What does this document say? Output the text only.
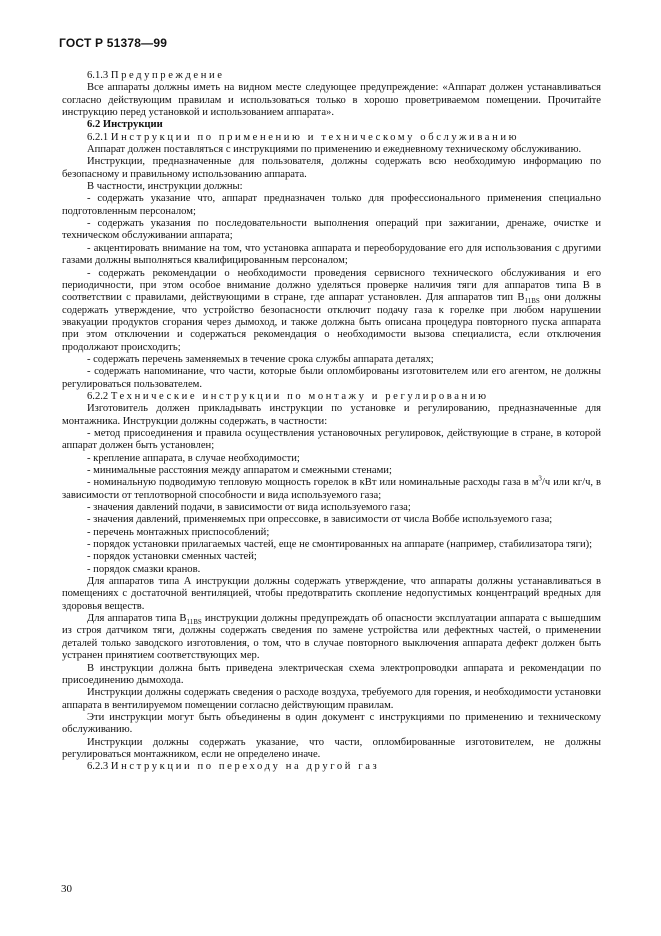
ГОСТ Р 51378—99

6.1.3 Предупреждение

Все аппараты должны иметь на видном месте следующее предупреждение: «Аппарат должен устанавливаться согласно действующим правилам и использоваться только в хорошо проветриваемом помещении. Прочитайте инструкцию перед установкой и использованием аппарата».

6.2 Инструкции

6.2.1 Инструкции по применению и техническому обслуживанию

Аппарат должен поставляться с инструкциями по применению и ежедневному техническому обслуживанию.

Инструкции, предназначенные для пользователя, должны содержать всю необходимую информацию по безопасному и правильному использованию аппарата.

В частности, инструкции должны:

- содержать указание что, аппарат предназначен только для профессионального применения специально подготовленным персоналом;

- содержать указания по последовательности выполнения операций при зажигании, дренаже, очистке и техническом обслуживании аппарата;

- акцентировать внимание на том, что установка аппарата и переоборудование его для использования с другими газами должны выполняться квалифицированным персоналом;

- содержать рекомендации о необходимости проведения сервисного технического обслуживания и его периодичности, при этом особое внимание должно уделяться проверке наличия тяги для аппаратов типа В в соответствии с правилами, действующими в стране, где аппарат установлен. Для аппаратов тип $В_{11BS}$ они должны содержать утверждение, что устройство безопасности отключит подачу газа к горелке при любом нарушении эвакуации продуктов сгорания через дымоход, и также должна быть описана процедура повторного пуска аппарата при этом отключении и содержаться рекомендация о необходимости вызова специалиста, если отключения продолжают происходить;

- содержать перечень заменяемых в течение срока службы аппарата деталях;

- содержать напоминание, что части, которые были опломбированы изготовителем или его агентом, не должны регулироваться пользователем.

6.2.2 Технические инструкции по монтажу и регулированию

Изготовитель должен прикладывать инструкции по установке и регулированию, предназначенные для монтажника. Инструкции должны содержать, в частности:

- метод присоединения и правила осуществления установочных регулировок, действующие в стране, в которой аппарат должен быть установлен;

- крепление аппарата, в случае необходимости;

- минимальные расстояния между аппаратом и смежными стенами;

- номинальную подводимую тепловую мощность горелок в кВт или номинальные расходы газа в $м^3/ч$ или кг/ч, в зависимости от теплотворной способности и вида используемого газа;

- значения давлений подачи, в зависимости от вида используемого газа;

- значения давлений, применяемых при опрессовке, в зависимости от числа Воббе используемого газа;

- перечень монтажных приспособлений;

- порядок установки прилагаемых частей, еще не смонтированных на аппарате (например, стабилизатора тяги);

- порядок установки сменных частей;

- порядок смазки кранов.

Для аппаратов типа А инструкции должны содержать утверждение, что аппараты должны устанавливаться в помещениях с достаточной вентиляцией, чтобы предотвратить скопление недопустимых концентраций вредных для здоровья веществ.

Для аппаратов типа $В_{11BS}$ инструкции должны предупреждать об опасности эксплуатации аппарата с вышедшим из строя датчиком тяги, должны содержать сведения по замене устройства или дефектных частей, о применении деталей только заводского изготовления, о том, что в случае повторного выключения аппарата дефект должен быть устранен принятием соответствующих мер.

В инструкции должна быть приведена электрическая схема электропроводки аппарата и рекомендации по присоединению дымохода.

Инструкции должны содержать сведения о расходе воздуха, требуемого для горения, и необходимости установки аппарата в вентилируемом помещении согласно действующим правилам.

Эти инструкции могут быть объединены в один документ с инструкциями по применению и техническому обслуживанию.

Инструкции должны содержать указание, что части, опломбированные изготовителем, не должны регулироваться монтажником, если не определено иначе.

6.2.3 Инструкции по переходу на другой газ

30
